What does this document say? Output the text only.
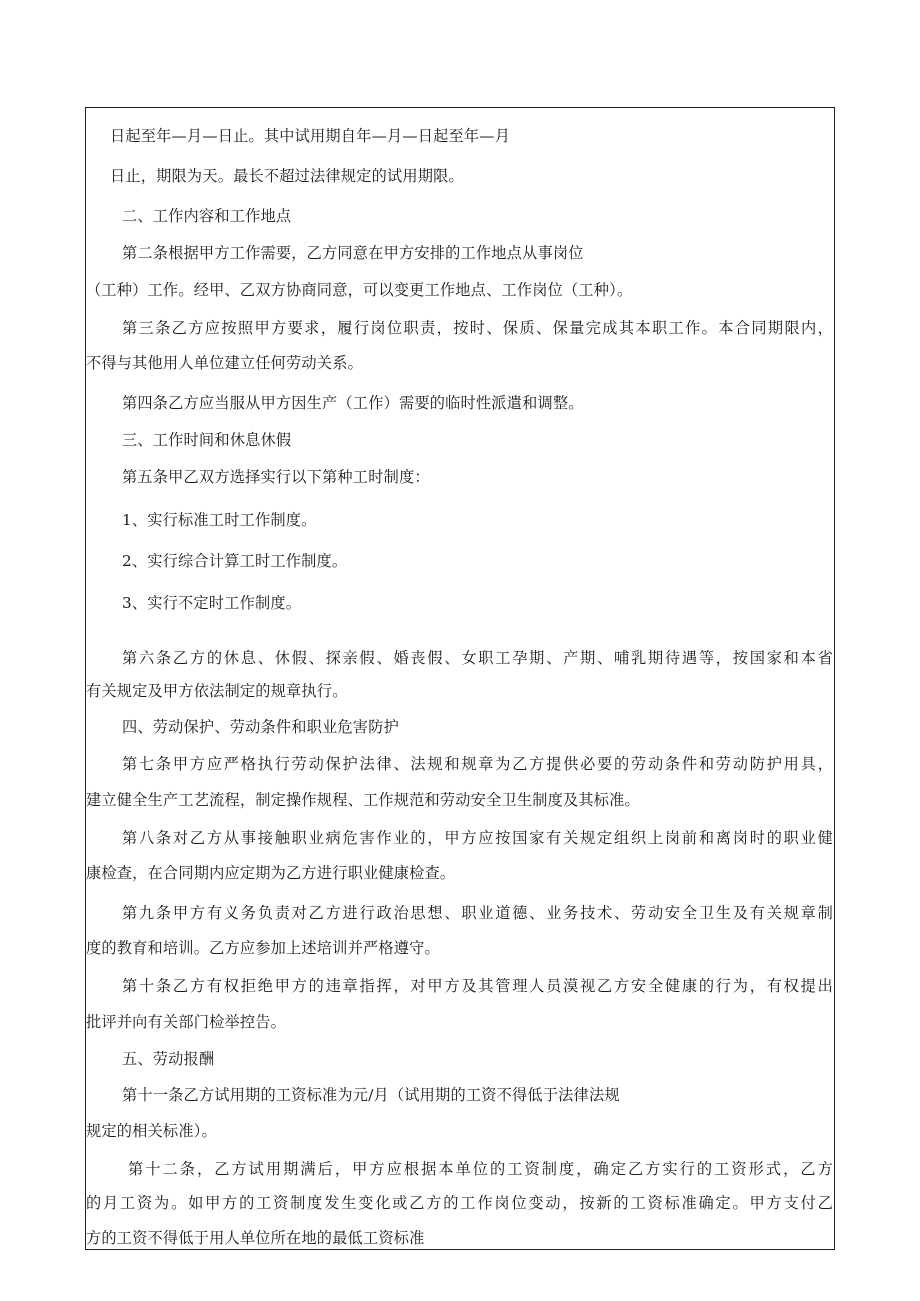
日起至年—月—日止。其中试用期自年—月—日起至年—月
日止，期限为天。最长不超过法律规定的试用期限。
二、工作内容和工作地点
第二条根据甲方工作需要，乙方同意在甲方安排的工作地点从事岗位
（工种）工作。经甲、乙双方协商同意，可以变更工作地点、工作岗位（工种）。
第三条乙方应按照甲方要求，履行岗位职责，按时、保质、保量完成其本职工作。本合同期限内，
不得与其他用人单位建立任何劳动关系。
第四条乙方应当服从甲方因生产（工作）需要的临时性派遣和调整。
三、工作时间和休息休假
第五条甲乙双方选择实行以下第种工时制度：
1、实行标准工时工作制度。
2、实行综合计算工时工作制度。
3、实行不定时工作制度。
第六条乙方的休息、休假、探亲假、婚丧假、女职工孕期、产期、哺乳期待遇等，按国家和本省
有关规定及甲方依法制定的规章执行。
四、劳动保护、劳动条件和职业危害防护
第七条甲方应严格执行劳动保护法律、法规和规章为乙方提供必要的劳动条件和劳动防护用具，
建立健全生产工艺流程，制定操作规程、工作规范和劳动安全卫生制度及其标准。
第八条对乙方从事接触职业病危害作业的，甲方应按国家有关规定组织上岗前和离岗时的职业健
康检查，在合同期内应定期为乙方进行职业健康检查。
第九条甲方有义务负责对乙方进行政治思想、职业道德、业务技术、劳动安全卫生及有关规章制
度的教育和培训。乙方应参加上述培训并严格遵守。
第十条乙方有权拒绝甲方的违章指挥，对甲方及其管理人员漠视乙方安全健康的行为，有权提出
批评并向有关部门检举控告。
五、劳动报酬
第十一条乙方试用期的工资标准为元/月（试用期的工资不得低于法律法规
规定的相关标准）。
第十二条，乙方试用期满后，甲方应根据本单位的工资制度，确定乙方实行的工资形式，乙方
的月工资为。如甲方的工资制度发生变化或乙方的工作岗位变动，按新的工资标准确定。甲方支付乙
方的工资不得低于用人单位所在地的最低工资标准
